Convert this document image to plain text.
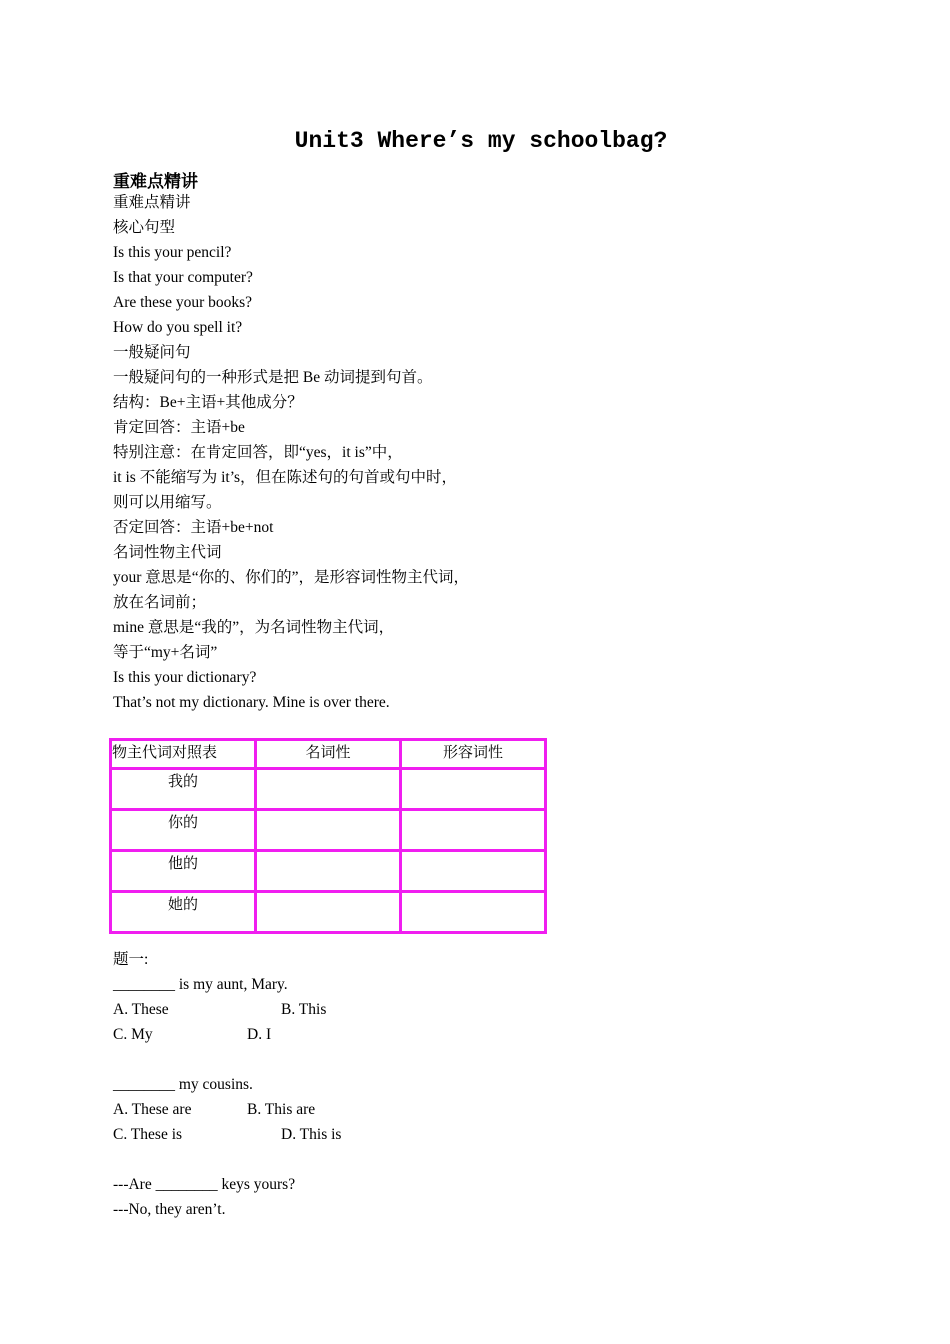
Unit3 Where’s my schoolbag?
重难点精讲
重难点精讲
核心句型
Is this your pencil?
Is that your computer?
Are these your books?
How do you spell it?
一般疑问句
一般疑问句的一种形式是把 Be 动词提到句首。
结构：Be+主语+其他成分？
肯定回答：主语+be
特别注意：在肯定回答，即“yes，it is”中，
it is 不能缩写为 it’s，但在陈述句的句首或句中时，
则可以用缩写。
否定回答：主语+be+not
名词性物主代词
your 意思是“你的、你们的”，是形容词性物主代词，
放在名词前；
mine 意思是“我的”，为名词性物主代词，
等于“my+名词”
Is this your dictionary?
That’s not my dictionary. Mine is over there.
物主代词对照表	名词性	形容词性
我的		
你的		
他的		
她的		
题一:
________ is my aunt, Mary.
A. These	B. This
C. My	D. I
________ my cousins.
A. These are	B. This are
C. These is	D. This is
---Are ________ keys yours?
---No, they aren’t.
